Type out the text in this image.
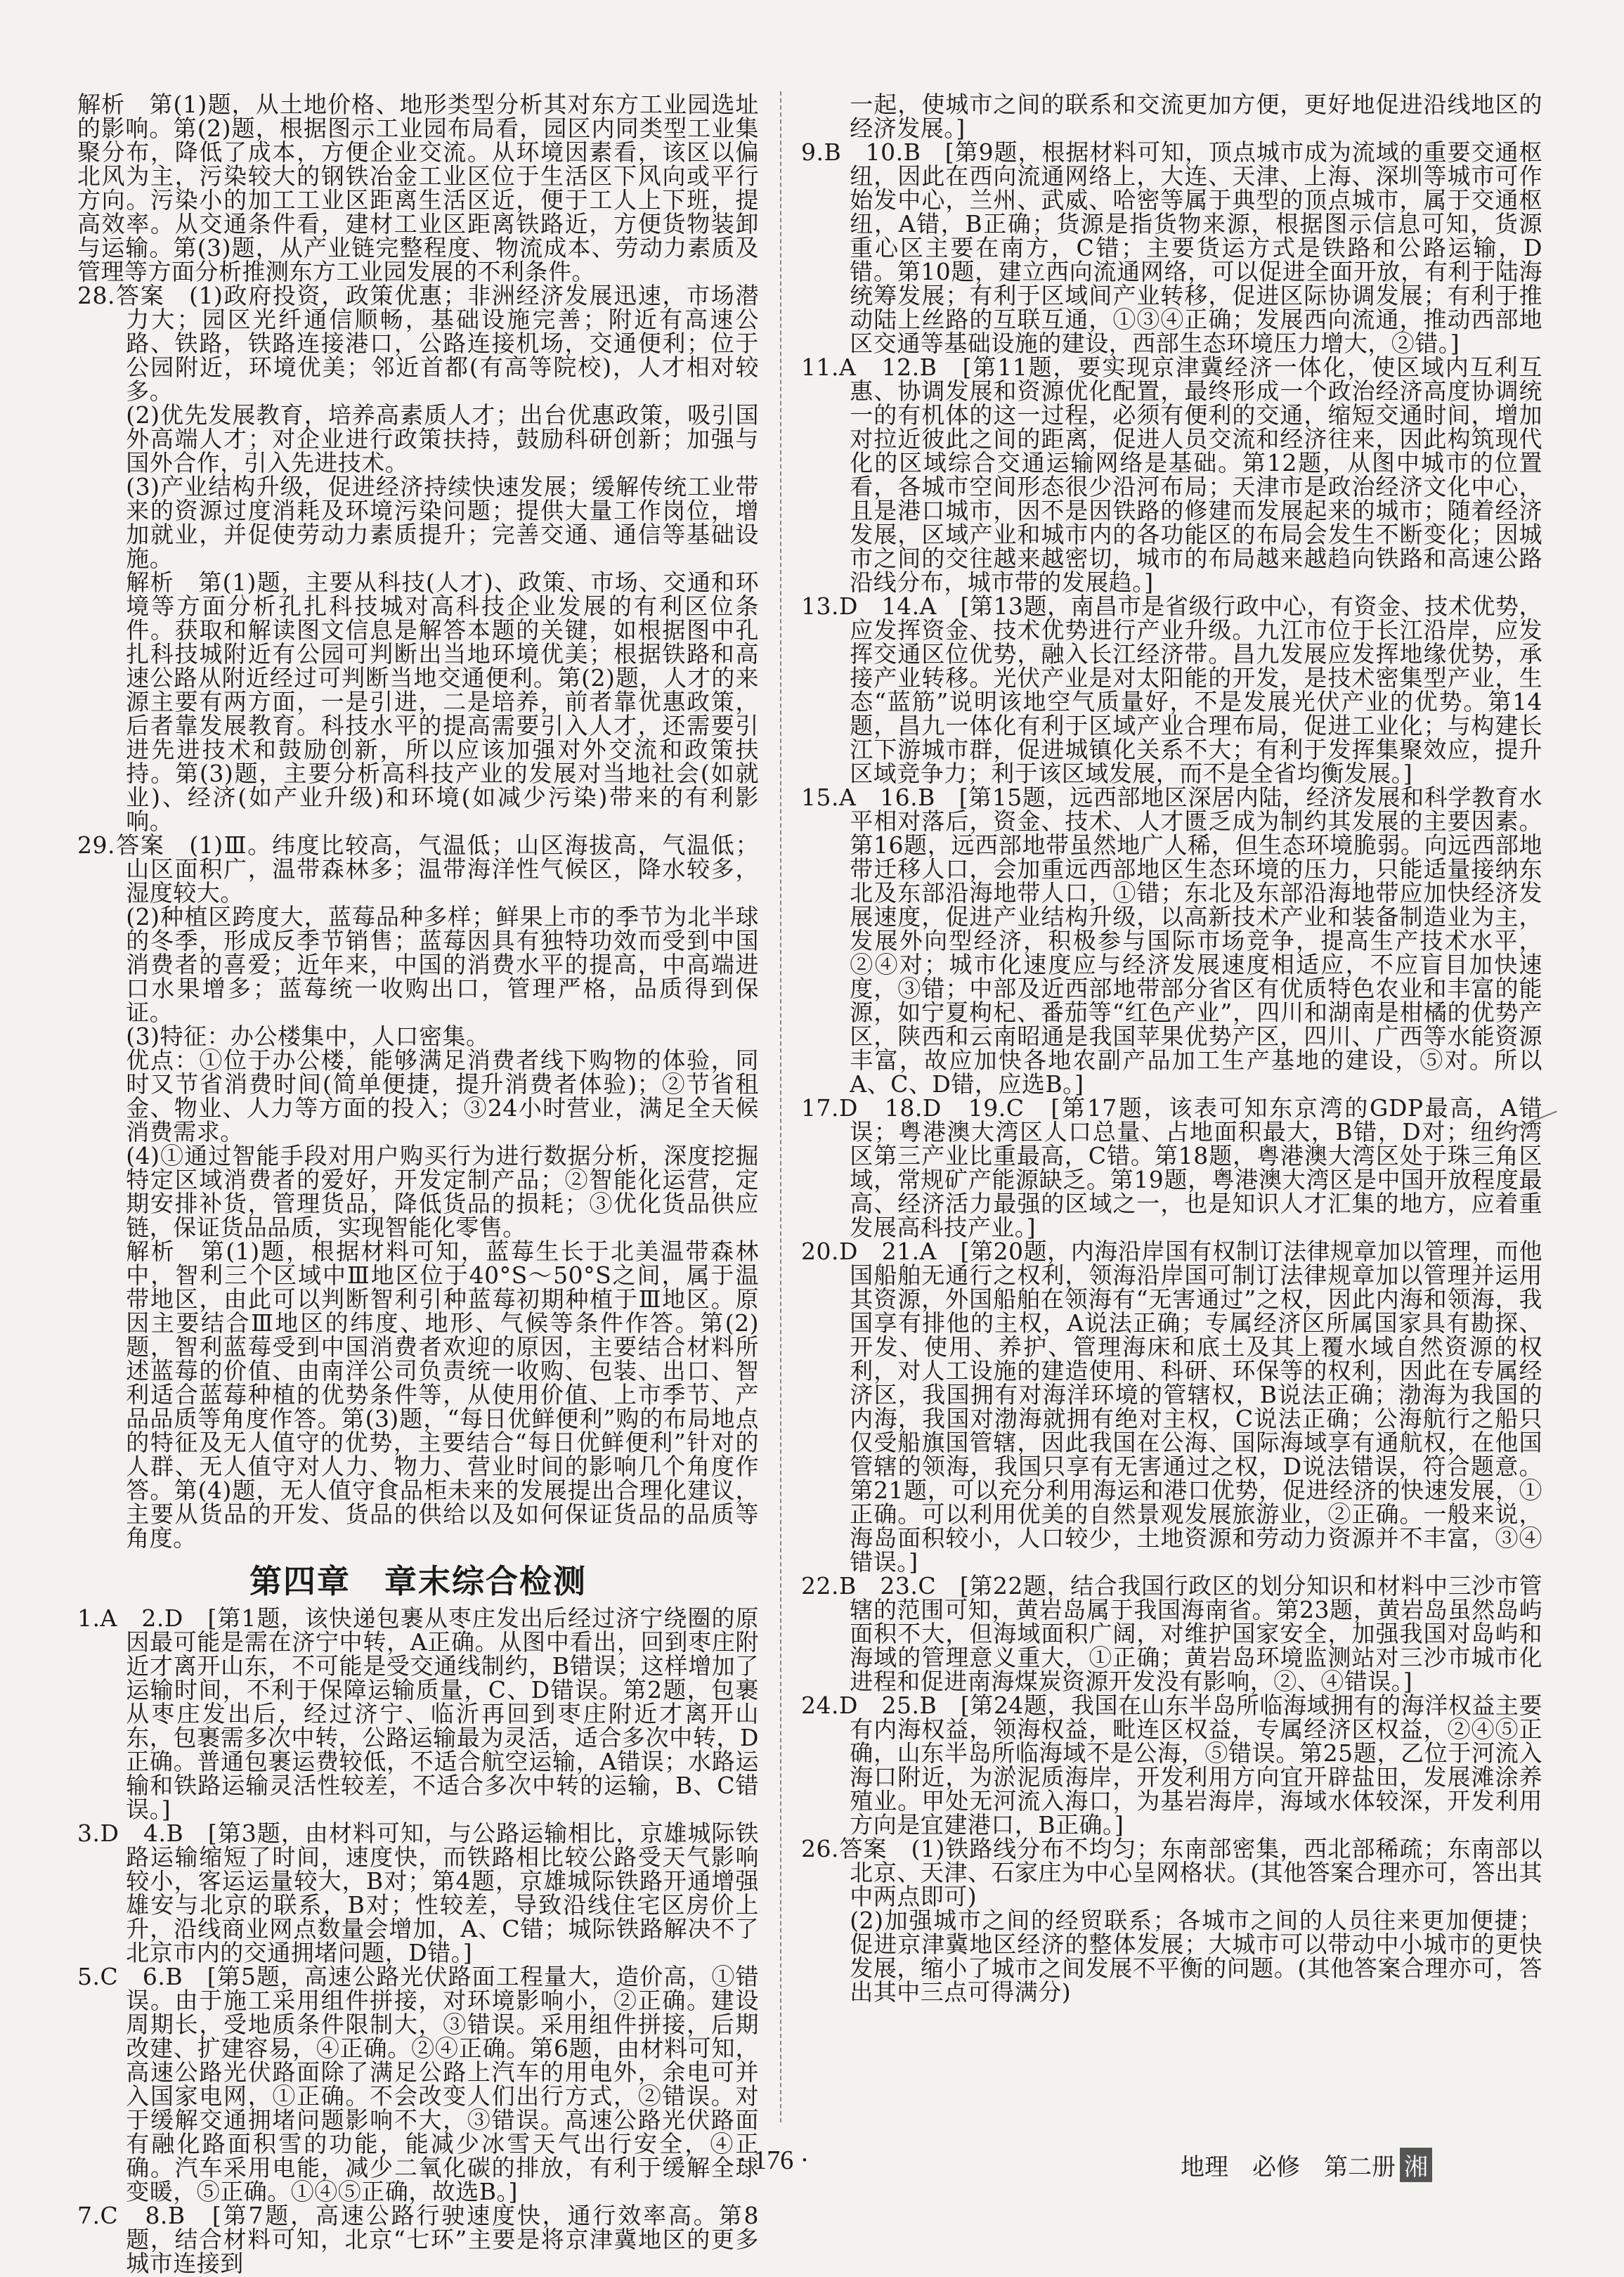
解析　第(1)题，从土地价格、地形类型分析其对东方工业园选址的影响。第(2)题，根据图示工业园布局看，园区内同类型工业集聚分布，降低了成本，方便企业交流。从环境因素看，该区以偏北风为主，污染较大的钢铁冶金工业区位于生活区下风向或平行方向。污染小的加工工业区距离生活区近，便于工人上下班，提高效率。从交通条件看，建材工业区距离铁路近，方便货物装卸与运输。第(3)题，从产业链完整程度、物流成本、劳动力素质及管理等方面分析推测东方工业园发展的不利条件。

28.答案　(1)政府投资，政策优惠；非洲经济发展迅速，市场潜力大；园区光纤通信顺畅，基础设施完善；附近有高速公路、铁路，铁路连接港口，公路连接机场，交通便利；位于公园附近，环境优美；邻近首都(有高等院校)，人才相对较多。

(2)优先发展教育，培养高素质人才；出台优惠政策，吸引国外高端人才；对企业进行政策扶持，鼓励科研创新；加强与国外合作，引入先进技术。

(3)产业结构升级，促进经济持续快速发展；缓解传统工业带来的资源过度消耗及环境污染问题；提供大量工作岗位，增加就业，并促使劳动力素质提升；完善交通、通信等基础设施。

解析　第(1)题，主要从科技(人才)、政策、市场、交通和环境等方面分析孔扎科技城对高科技企业发展的有利区位条件。获取和解读图文信息是解答本题的关键，如根据图中孔扎科技城附近有公园可判断出当地环境优美；根据铁路和高速公路从附近经过可判断当地交通便利。第(2)题，人才的来源主要有两方面，一是引进，二是培养，前者靠优惠政策，后者靠发展教育。科技水平的提高需要引入人才，还需要引进先进技术和鼓励创新，所以应该加强对外交流和政策扶持。第(3)题，主要分析高科技产业的发展对当地社会(如就业)、经济(如产业升级)和环境(如减少污染)带来的有利影响。

29.答案　(1)Ⅲ。纬度比较高，气温低；山区海拔高，气温低；山区面积广，温带森林多；温带海洋性气候区，降水较多，湿度较大。

(2)种植区跨度大，蓝莓品种多样；鲜果上市的季节为北半球的冬季，形成反季节销售；蓝莓因具有独特功效而受到中国消费者的喜爱；近年来，中国的消费水平的提高，中高端进口水果增多；蓝莓统一收购出口，管理严格，品质得到保证。

(3)特征：办公楼集中，人口密集。

优点：①位于办公楼，能够满足消费者线下购物的体验，同时又节省消费时间(简单便捷，提升消费者体验)；②节省租金、物业、人力等方面的投入；③24小时营业，满足全天候消费需求。

(4)①通过智能手段对用户购买行为进行数据分析，深度挖掘特定区域消费者的爱好，开发定制产品；②智能化运营，定期安排补货，管理货品，降低货品的损耗；③优化货品供应链，保证货品品质，实现智能化零售。

解析　第(1)题，根据材料可知，蓝莓生长于北美温带森林中，智利三个区域中Ⅲ地区位于40°S～50°S之间，属于温带地区，由此可以判断智利引种蓝莓初期种植于Ⅲ地区。原因主要结合Ⅲ地区的纬度、地形、气候等条件作答。第(2)题，智利蓝莓受到中国消费者欢迎的原因，主要结合材料所述蓝莓的价值、由南洋公司负责统一收购、包装、出口、智利适合蓝莓种植的优势条件等，从使用价值、上市季节、产品品质等角度作答。第(3)题，“每日优鲜便利”购的布局地点的特征及无人值守的优势，主要结合“每日优鲜便利”针对的人群、无人值守对人力、物力、营业时间的影响几个角度作答。第(4)题，无人值守食品柜未来的发展提出合理化建议，主要从货品的开发、货品的供给以及如何保证货品的品质等角度。

第四章　章末综合检测

1.A　2.D　[第1题，该快递包裹从枣庄发出后经过济宁绕圈的原因最可能是需在济宁中转，A正确。从图中看出，回到枣庄附近才离开山东，不可能是受交通线制约，B错误；这样增加了运输时间，不利于保障运输质量，C、D错误。第2题，包裹从枣庄发出后，经过济宁、临沂再回到枣庄附近才离开山东，包裹需多次中转，公路运输最为灵活，适合多次中转，D正确。普通包裹运费较低，不适合航空运输，A错误；水路运输和铁路运输灵活性较差，不适合多次中转的运输，B、C错误。]

3.D　4.B　[第3题，由材料可知，与公路运输相比，京雄城际铁路运输缩短了时间，速度快，而铁路相比较公路受天气影响较小，客运运量较大，B对；第4题，京雄城际铁路开通增强雄安与北京的联系，B对；性较差，导致沿线住宅区房价上升，沿线商业网点数量会增加，A、C错；城际铁路解决不了北京市内的交通拥堵问题，D错。]

5.C　6.B　[第5题，高速公路光伏路面工程量大，造价高，①错误。由于施工采用组件拼接，对环境影响小，②正确。建设周期长，受地质条件限制大，③错误。采用组件拼接，后期改建、扩建容易，④正确。②④正确。第6题，由材料可知，高速公路光伏路面除了满足公路上汽车的用电外，余电可并入国家电网，①正确。不会改变人们出行方式，②错误。对于缓解交通拥堵问题影响不大，③错误。高速公路光伏路面有融化路面积雪的功能，能减少冰雪天气出行安全，④正确。汽车采用电能，减少二氧化碳的排放，有利于缓解全球变暖，⑤正确。①④⑤正确，故选B。]

7.C　8.B　[第7题，高速公路行驶速度快，通行效率高。第8题，结合材料可知，北京“七环”主要是将京津冀地区的更多城市连接到

一起，使城市之间的联系和交流更加方便，更好地促进沿线地区的经济发展。]

9.B　10.B　[第9题，根据材料可知，顶点城市成为流域的重要交通枢纽，因此在西向流通网络上，大连、天津、上海、深圳等城市可作始发中心，兰州、武威、哈密等属于典型的顶点城市，属于交通枢纽，A错，B正确；货源是指货物来源，根据图示信息可知，货源重心区主要在南方，C错；主要货运方式是铁路和公路运输，D错。第10题，建立西向流通网络，可以促进全面开放，有利于陆海统筹发展；有利于区域间产业转移，促进区际协调发展；有利于推动陆上丝路的互联互通，①③④正确；发展西向流通，推动西部地区交通等基础设施的建设，西部生态环境压力增大，②错。]

11.A　12.B　[第11题，要实现京津冀经济一体化，使区域内互利互惠、协调发展和资源优化配置，最终形成一个政治经济高度协调统一的有机体的这一过程，必须有便利的交通，缩短交通时间，增加对拉近彼此之间的距离，促进人员交流和经济往来，因此构筑现代化的区域综合交通运输网络是基础。第12题，从图中城市的位置看，各城市空间形态很少沿河布局；天津市是政治经济文化中心，且是港口城市，因不是因铁路的修建而发展起来的城市；随着经济发展，区域产业和城市内的各功能区的布局会发生不断变化；因城市之间的交往越来越密切，城市的布局越来越趋向铁路和高速公路沿线分布，城市带的发展趋。]

13.D　14.A　[第13题，南昌市是省级行政中心，有资金、技术优势，应发挥资金、技术优势进行产业升级。九江市位于长江沿岸，应发挥交通区位优势，融入长江经济带。昌九发展应发挥地缘优势，承接产业转移。光伏产业是对太阳能的开发，是技术密集型产业，生态“蓝筋”说明该地空气质量好，不是发展光伏产业的优势。第14题，昌九一体化有利于区域产业合理布局，促进工业化；与构建长江下游城市群，促进城镇化关系不大；有利于发挥集聚效应，提升区域竞争力；利于该区域发展，而不是全省均衡发展。]

15.A　16.B　[第15题，远西部地区深居内陆，经济发展和科学教育水平相对落后，资金、技术、人才匮乏成为制约其发展的主要因素。第16题，远西部地带虽然地广人稀，但生态环境脆弱。向远西部地带迁移人口，会加重远西部地区生态环境的压力，只能适量接纳东北及东部沿海地带人口，①错；东北及东部沿海地带应加快经济发展速度，促进产业结构升级，以高新技术产业和装备制造业为主，发展外向型经济，积极参与国际市场竞争，提高生产技术水平，②④对；城市化速度应与经济发展速度相适应，不应盲目加快速度，③错；中部及近西部地带部分省区有优质特色农业和丰富的能源，如宁夏枸杞、番茄等“红色产业”，四川和湖南是柑橘的优势产区，陕西和云南昭通是我国苹果优势产区，四川、广西等水能资源丰富，故应加快各地农副产品加工生产基地的建设，⑤对。所以A、C、D错，应选B。]

17.D　18.D　19.C　[第17题，该表可知东京湾的GDP最高，A错误；粤港澳大湾区人口总量、占地面积最大，B错，D对；纽约湾区第三产业比重最高，C错。第18题，粤港澳大湾区处于珠三角区域，常规矿产能源缺乏。第19题，粤港澳大湾区是中国开放程度最高、经济活力最强的区域之一，也是知识人才汇集的地方，应着重发展高科技产业。]

20.D　21.A　[第20题，内海沿岸国有权制订法律规章加以管理，而他国船舶无通行之权利，领海沿岸国可制订法律规章加以管理并运用其资源，外国船舶在领海有“无害通过”之权，因此内海和领海，我国享有排他的主权，A说法正确；专属经济区所属国家具有勘探、开发、使用、养护、管理海床和底土及其上覆水域自然资源的权利，对人工设施的建造使用、科研、环保等的权利，因此在专属经济区，我国拥有对海洋环境的管辖权，B说法正确；渤海为我国的内海，我国对渤海就拥有绝对主权，C说法正确；公海航行之船只仅受船旗国管辖，因此我国在公海、国际海域享有通航权，在他国管辖的领海，我国只享有无害通过之权，D说法错误，符合题意。第21题，可以充分利用海运和港口优势，促进经济的快速发展，①正确。可以利用优美的自然景观发展旅游业，②正确。一般来说，海岛面积较小，人口较少，土地资源和劳动力资源并不丰富，③④错误。]

22.B　23.C　[第22题，结合我国行政区的划分知识和材料中三沙市管辖的范围可知，黄岩岛属于我国海南省。第23题，黄岩岛虽然岛屿面积不大，但海域面积广阔，对维护国家安全，加强我国对岛屿和海域的管理意义重大，①正确；黄岩岛环境监测站对三沙市城市化进程和促进南海煤炭资源开发没有影响，②、④错误。]

24.D　25.B　[第24题，我国在山东半岛所临海域拥有的海洋权益主要有内海权益，领海权益，毗连区权益，专属经济区权益，②④⑤正确，山东半岛所临海域不是公海，⑤错误。第25题，乙位于河流入海口附近，为淤泥质海岸，开发利用方向宜开辟盐田，发展滩涂养殖业。甲处无河流入海口，为基岩海岸，海域水体较深，开发利用方向是宜建港口，B正确。]

26.答案　(1)铁路线分布不均匀；东南部密集，西北部稀疏；东南部以北京、天津、石家庄为中心呈网格状。(其他答案合理亦可，答出其中两点即可)

(2)加强城市之间的经贸联系；各城市之间的人员往来更加便捷；促进京津冀地区经济的整体发展；大城市可以带动中小城市的更快发展，缩小了城市之间发展不平衡的问题。(其他答案合理亦可，答出其中三点可得满分)

· 176 ·	地理　必修　第二册 湘
